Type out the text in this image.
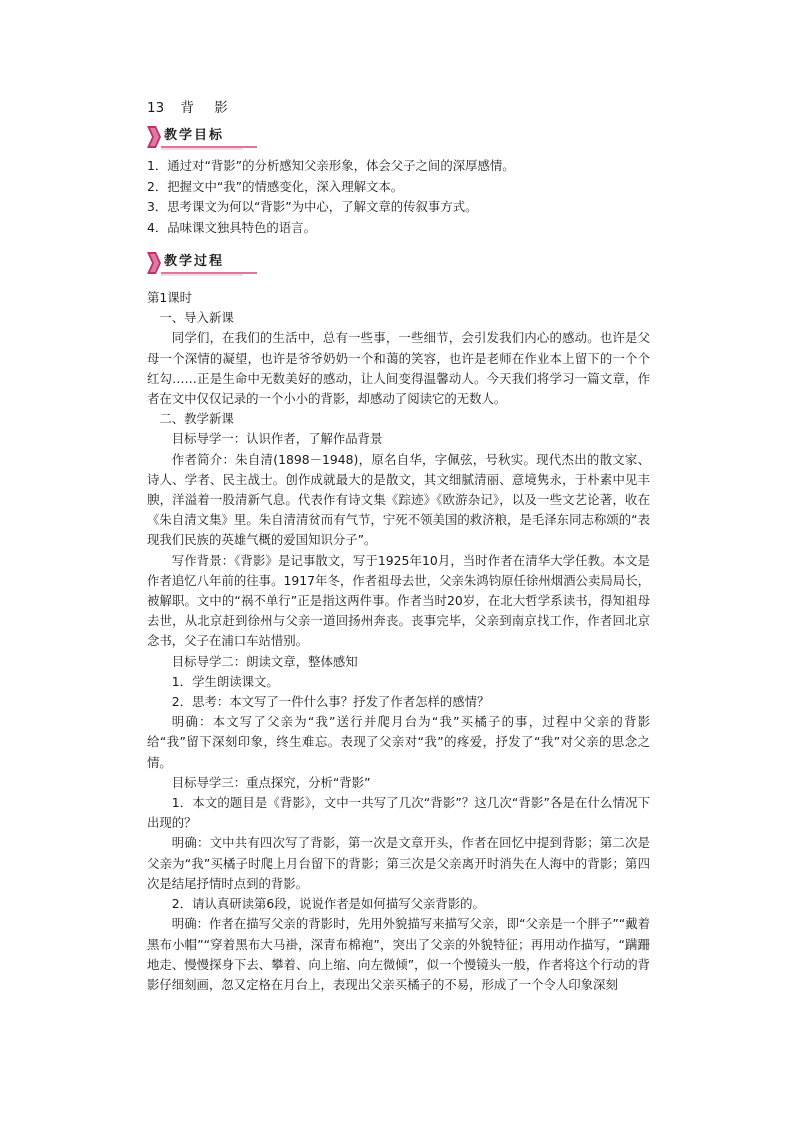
13 背 影
教学目标

1．通过对“背影”的分析感知父亲形象，体会父子之间的深厚感情。

2．把握文中“我”的情感变化，深入理解文本。

3．思考课文为何以“背影”为中心，了解文章的传叙事方式。

4．品味课文独具特色的语言。

教学过程

第1课时

一、导入新课

同学们，在我们的生活中，总有一些事，一些细节，会引发我们内心的感动。也许是父母一个深情的凝望，也许是爷爷奶奶一个和蔼的笑容，也许是老师在作业本上留下的一个个红勾……正是生命中无数美好的感动，让人间变得温馨动人。今天我们将学习一篇文章，作者在文中仅仅记录的一个小小的背影，却感动了阅读它的无数人。

二、教学新课

目标导学一：认识作者，了解作品背景

作者简介：朱自清(1898－1948)，原名自华，字佩弦，号秋实。现代杰出的散文家、诗人、学者、民主战士。创作成就最大的是散文，其文细腻清丽、意境隽永，于朴素中见丰腴，洋溢着一股清新气息。代表作有诗文集《踪迹》《欧游杂记》，以及一些文艺论著，收在《朱自清文集》里。朱自清清贫而有气节，宁死不领美国的救济粮，是毛泽东同志称颂的“表现我们民族的英雄气概的爱国知识分子”。

写作背景：《背影》是记事散文，写于1925年10月，当时作者在清华大学任教。本文是作者追忆八年前的往事。1917年冬，作者祖母去世，父亲朱鸿钧原任徐州烟酒公卖局局长，被解职。文中的“祸不单行”正是指这两件事。作者当时20岁，在北大哲学系读书，得知祖母去世，从北京赶到徐州与父亲一道回扬州奔丧。丧事完毕，父亲到南京找工作，作者回北京念书，父子在浦口车站惜别。

目标导学二：朗读文章，整体感知

1．学生朗读课文。

2．思考：本文写了一件什么事？抒发了作者怎样的感情？

明确：本文写了父亲为“我”送行并爬月台为“我”买橘子的事，过程中父亲的背影给“我”留下深刻印象，终生难忘。表现了父亲对“我”的疼爱，抒发了“我”对父亲的思念之情。

目标导学三：重点探究，分析“背影”

1．本文的题目是《背影》，文中一共写了几次“背影”？这几次“背影”各是在什么情况下出现的？

明确：文中共有四次写了背影，第一次是文章开头，作者在回忆中提到背影；第二次是父亲为“我”买橘子时爬上月台留下的背影；第三次是父亲离开时消失在人海中的背影；第四次是结尾抒情时点到的背影。

2．请认真研读第6段，说说作者是如何描写父亲背影的。

明确：作者在描写父亲的背影时，先用外貌描写来描写父亲，即“父亲是一个胖子”“戴着黑布小帽”“穿着黑布大马褂，深青布棉袍”，突出了父亲的外貌特征；再用动作描写，“蹒跚地走、慢慢探身下去、攀着、向上缩、向左微倾”，似一个慢镜头一般，作者将这个行动的背影仔细刻画，忽又定格在月台上，表现出父亲买橘子的不易，形成了一个令人印象深刻
